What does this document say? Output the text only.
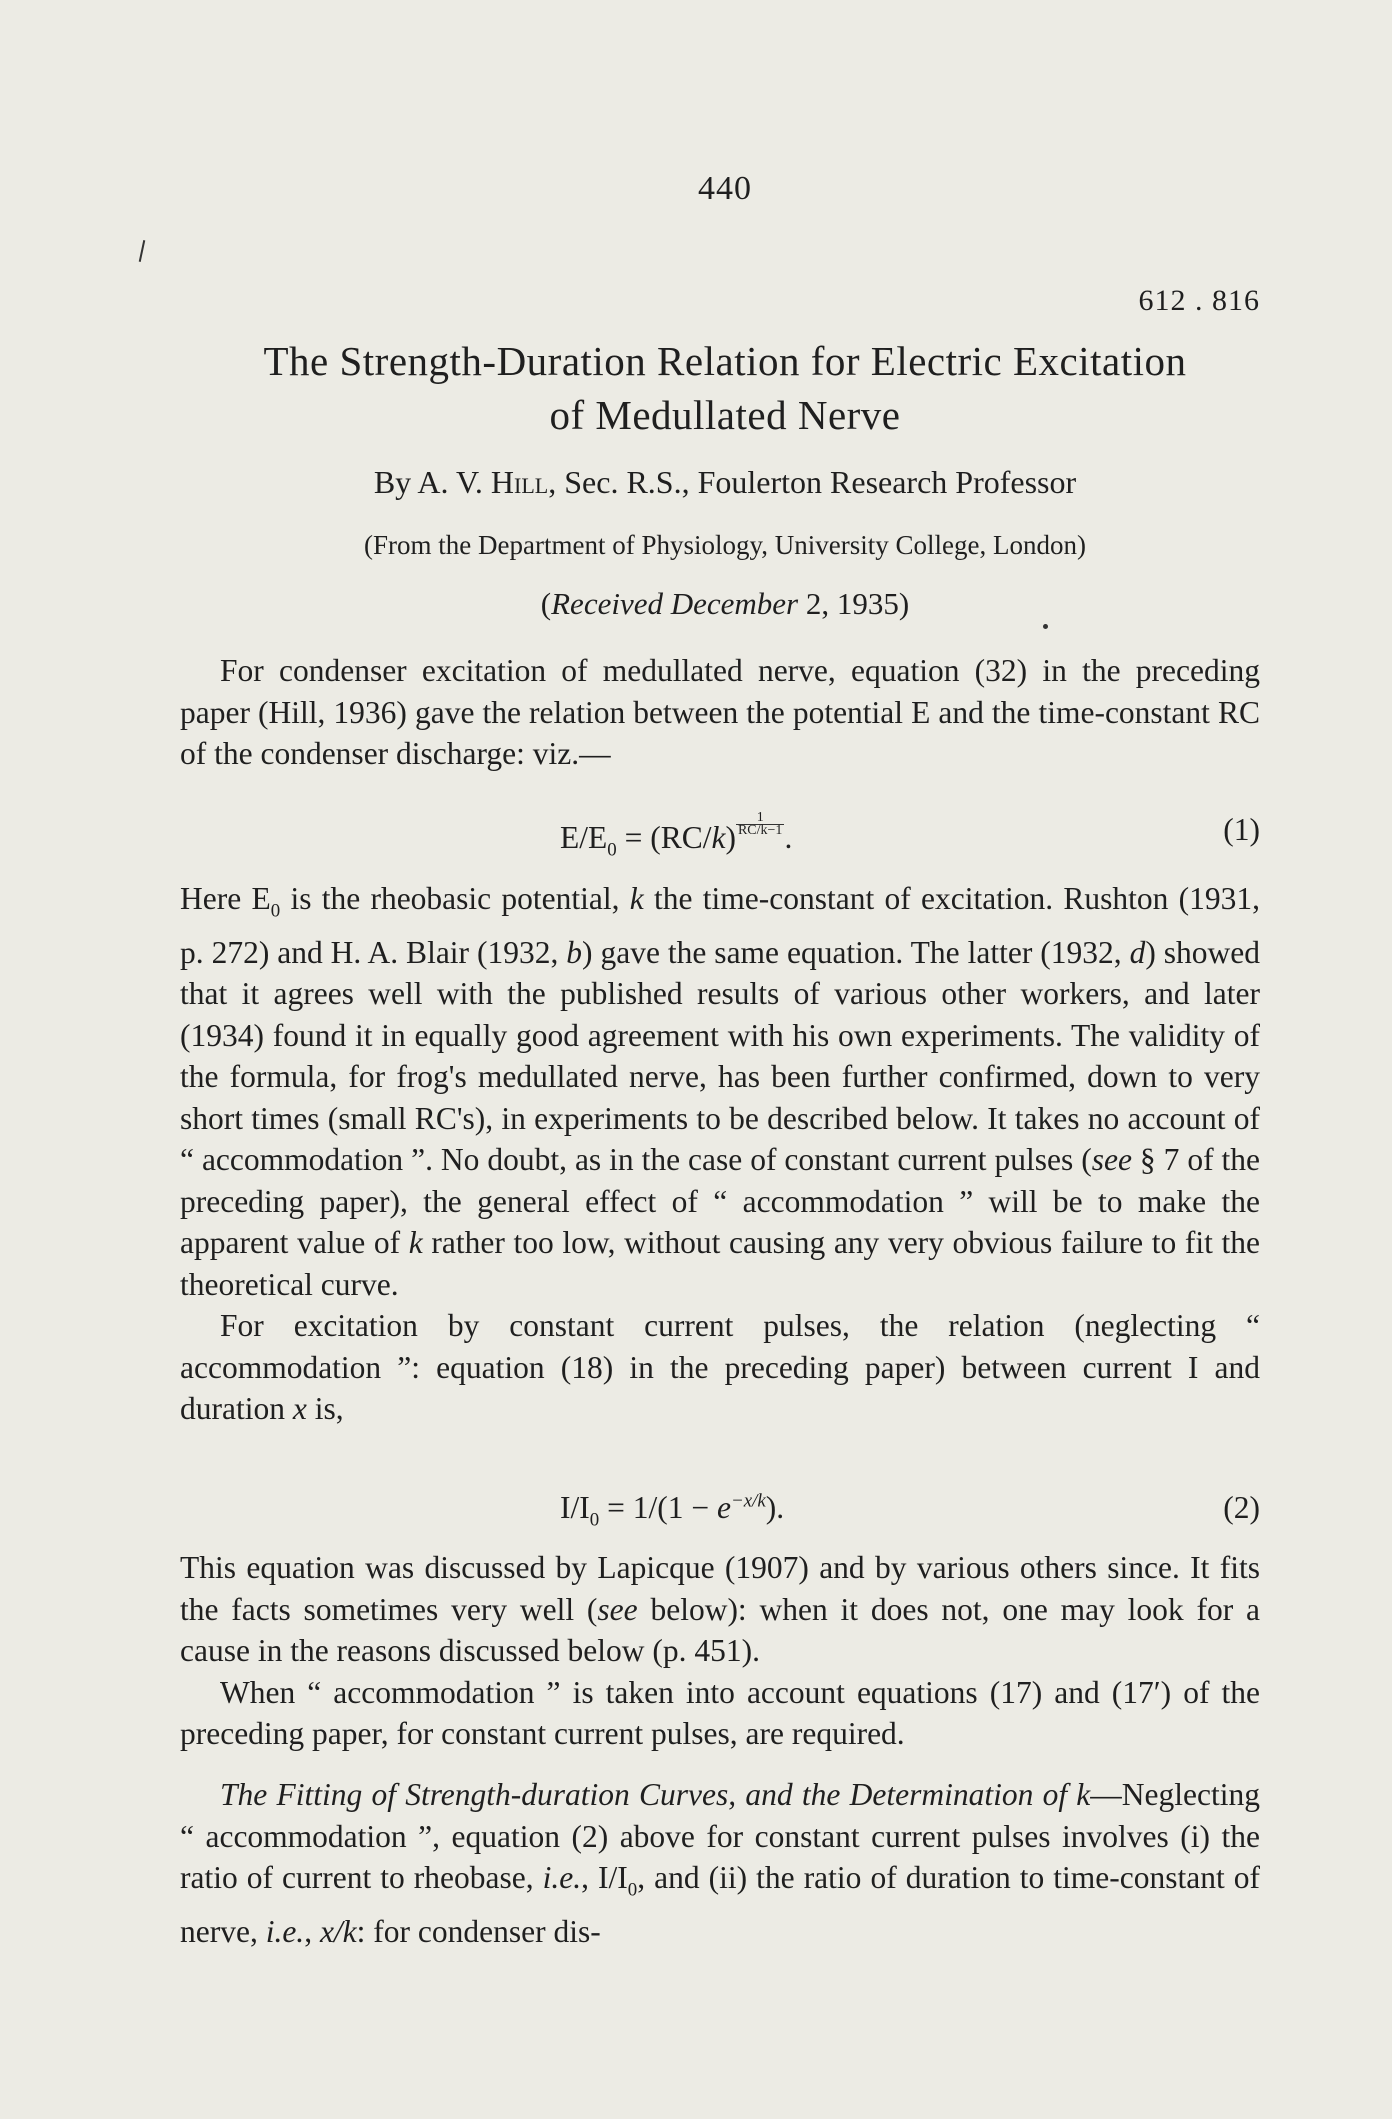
440
612 . 816
The Strength-Duration Relation for Electric Excitation
of Medullated Nerve
By A. V. Hill, Sec. R.S., Foulerton Research Professor
(From the Department of Physiology, University College, London)
(Received December 2, 1935)

For condenser excitation of medullated nerve, equation (32) in the preceding paper (Hill, 1936) gave the relation between the potential E and the time-constant RC of the condenser discharge: viz.—

$E/E_0 = (RC/k) \frac{1}{RC/k-1}$ .	(1)

Here $E_0$ is the rheobasic potential, k the time-constant of excitation. Rushton (1931, p. 272) and H. A. Blair (1932, b) gave the same equation. The latter (1932, d) showed that it agrees well with the published results of various other workers, and later (1934) found it in equally good agreement with his own experiments. The validity of the formula, for frog's medullated nerve, has been further confirmed, down to very short times (small RC's), in experiments to be described below. It takes no account of “ accommodation ”. No doubt, as in the case of constant current pulses (see § 7 of the preceding paper), the general effect of “ accommodation ” will be to make the apparent value of k rather too low, without causing any very obvious failure to fit the theoretical curve.

For excitation by constant current pulses, the relation (neglecting “ accommodation ”: equation (18) in the preceding paper) between current I and duration x is,

$I/I_0 = 1/(1 - e^{-x/k})$.	(2)

This equation was discussed by Lapicque (1907) and by various others since. It fits the facts sometimes very well (see below): when it does not, one may look for a cause in the reasons discussed below (p. 451).

When “ accommodation ” is taken into account equations (17) and (17′) of the preceding paper, for constant current pulses, are required.

The Fitting of Strength-duration Curves, and the Determination of k—Neglecting “ accommodation ”, equation (2) above for constant current pulses involves (i) the ratio of current to rheobase, i.e., $I/I_0$, and (ii) the ratio of duration to time-constant of nerve, i.e., x/k: for condenser dis-
